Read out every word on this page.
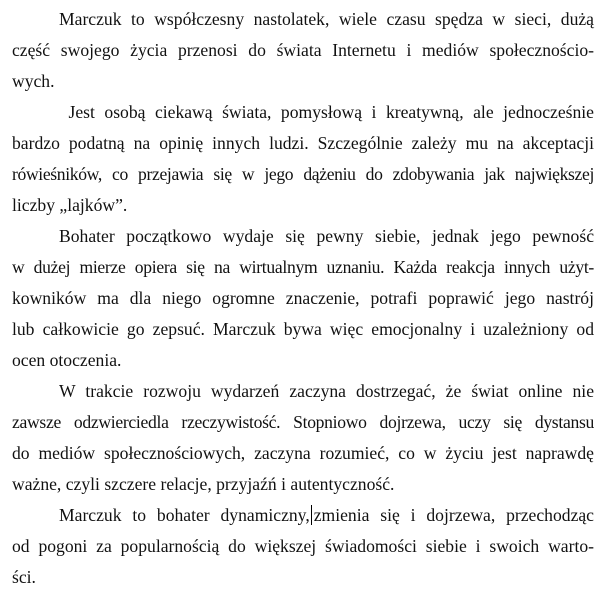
Marczuk to współczesny nastolatek, wiele czasu spędza w sieci, dużą
część swojego życia przenosi do świata Internetu i mediów społecznościo-
wych.
Jest osobą ciekawą świata, pomysłową i kreatywną, ale jednocześnie
bardzo podatną na opinię innych ludzi. Szczególnie zależy mu na akceptacji
rówieśników, co przejawia się w jego dążeniu do zdobywania jak największej
liczby „lajków”.
Bohater początkowo wydaje się pewny siebie, jednak jego pewność
w dużej mierze opiera się na wirtualnym uznaniu. Każda reakcja innych użyt-
kowników ma dla niego ogromne znaczenie, potrafi poprawić jego nastrój
lub całkowicie go zepsuć. Marczuk bywa więc emocjonalny i uzależniony od
ocen otoczenia.
W trakcie rozwoju wydarzeń zaczyna dostrzegać, że świat online nie
zawsze odzwierciedla rzeczywistość. Stopniowo dojrzewa, uczy się dystansu
do mediów społecznościowych, zaczyna rozumieć, co w życiu jest naprawdę
ważne, czyli szczere relacje, przyjaźń i autentyczność.
Marczuk to bohater dynamiczny, zmienia się i dojrzewa, przechodząc
od pogoni za popularnością do większej świadomości siebie i swoich warto-
ści.
